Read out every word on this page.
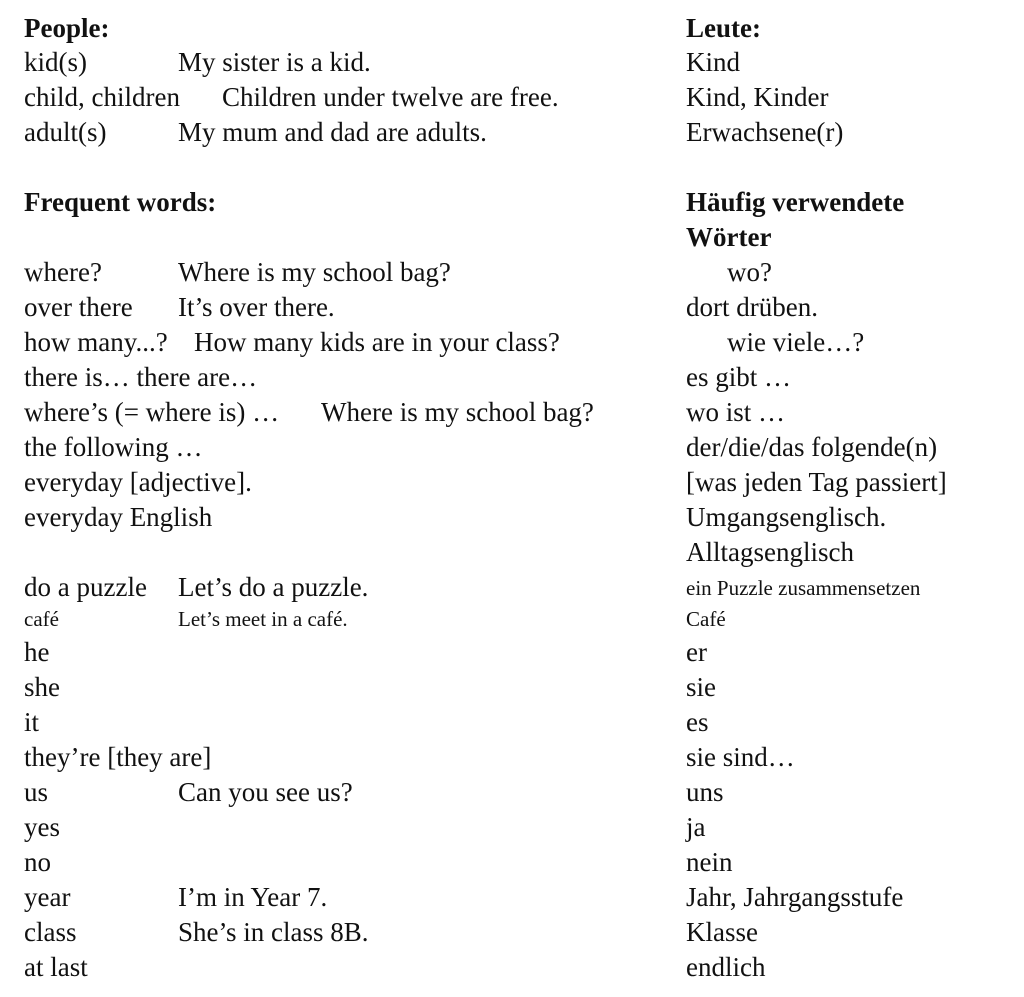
People:	Leute:
kid(s)	My sister is a kid.	Kind
child, children Children under twelve are free.	Kind, Kinder
adult(s)	My mum and dad are adults.	Erwachsene(r)
Frequent words:	Häufig verwendete
Wörter
where?	Where is my school bag?	wo?
over there It’s over there.	dort drüben.
how many...? How many kids are in your class?	wie viele…?
there is… there are…	es gibt …
where’s (= where is) … Where is my school bag?	wo ist …
the following …	der/die/das folgende(n)
everyday [adjective].	[was jeden Tag passiert]
everyday English	Umgangsenglisch.
Alltagsenglisch
do a puzzle Let’s do a puzzle.	ein Puzzle zusammensetzen
café	Let’s meet in a café.	Café
he	er
she	sie
it	es
they’re [they are]	sie sind…
us	Can you see us?	uns
yes	ja
no	nein
year	I’m in Year 7.	Jahr, Jahrgangsstufe
class	She’s in class 8B.	Klasse
at last	endlich
